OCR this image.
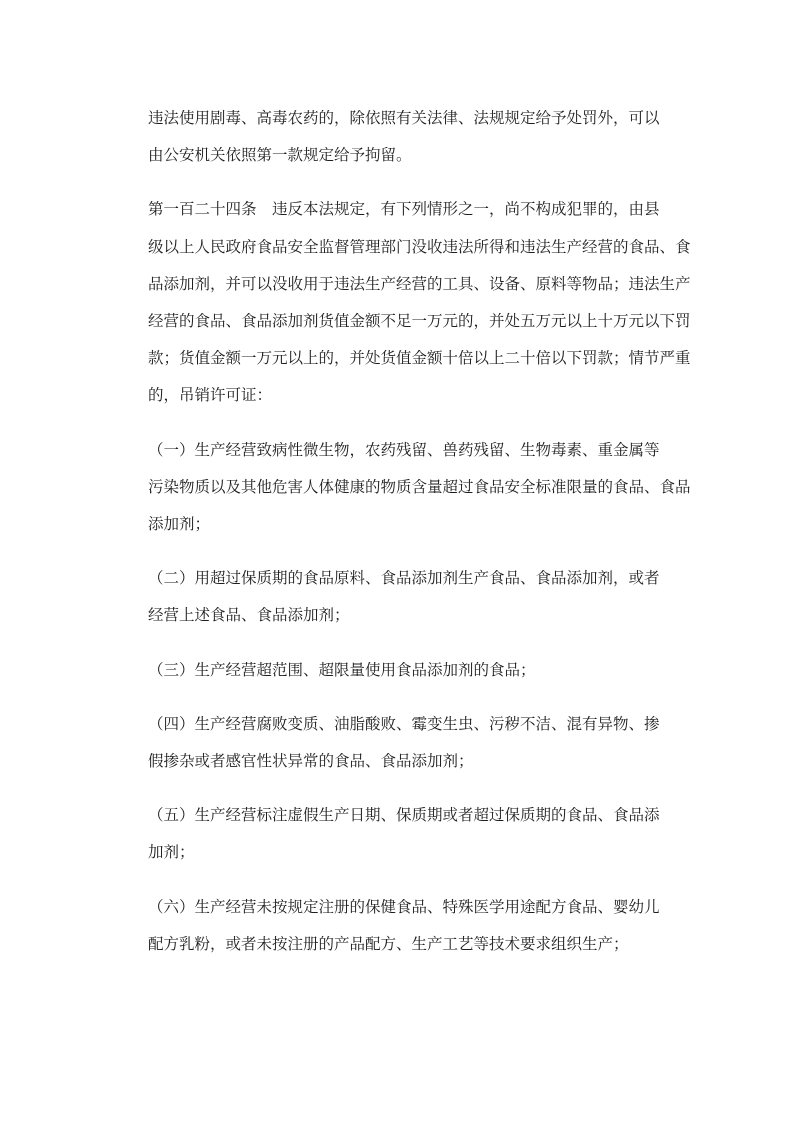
违法使用剧毒、高毒农药的，除依照有关法律、法规规定给予处罚外，可以
由公安机关依照第一款规定给予拘留。

第一百二十四条　违反本法规定，有下列情形之一，尚不构成犯罪的，由县
级以上人民政府食品安全监督管理部门没收违法所得和违法生产经营的食品、食
品添加剂，并可以没收用于违法生产经营的工具、设备、原料等物品；违法生产
经营的食品、食品添加剂货值金额不足一万元的，并处五万元以上十万元以下罚
款；货值金额一万元以上的，并处货值金额十倍以上二十倍以下罚款；情节严重
的，吊销许可证：

（一）生产经营致病性微生物，农药残留、兽药残留、生物毒素、重金属等
污染物质以及其他危害人体健康的物质含量超过食品安全标准限量的食品、食品
添加剂；

（二）用超过保质期的食品原料、食品添加剂生产食品、食品添加剂，或者
经营上述食品、食品添加剂；

（三）生产经营超范围、超限量使用食品添加剂的食品；

（四）生产经营腐败变质、油脂酸败、霉变生虫、污秽不洁、混有异物、掺
假掺杂或者感官性状异常的食品、食品添加剂；

（五）生产经营标注虚假生产日期、保质期或者超过保质期的食品、食品添
加剂；

（六）生产经营未按规定注册的保健食品、特殊医学用途配方食品、婴幼儿
配方乳粉，或者未按注册的产品配方、生产工艺等技术要求组织生产；
